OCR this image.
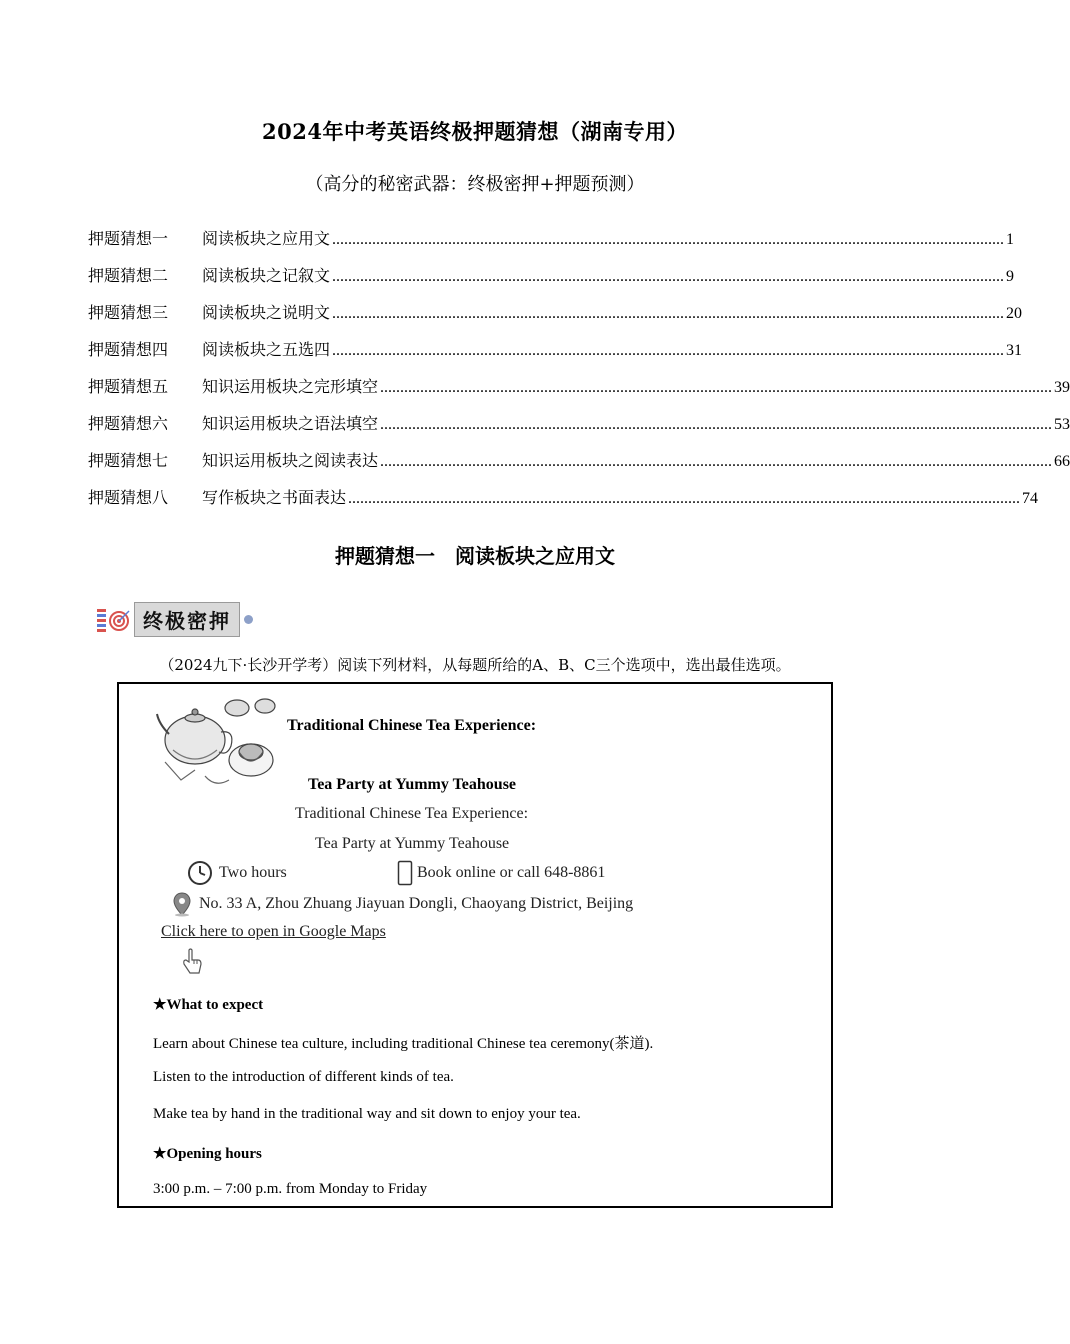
2024年中考英语终极押题猜想（湖南专用）
（高分的秘密武器：终极密押+押题预测）
押题猜想一	阅读板块之应用文 ........................................................................................................................................................................ 1
押题猜想二	阅读板块之记叙文 ........................................................................................................................................................................ 9
押题猜想三	阅读板块之说明文 ........................................................................................................................................................................ 20
押题猜想四	阅读板块之五选四 ........................................................................................................................................................................ 31
押题猜想五	知识运用板块之完形填空 ........................................................................................................................................................................ 39
押题猜想六	知识运用板块之语法填空 ........................................................................................................................................................................ 53
押题猜想七	知识运用板块之阅读表达 ........................................................................................................................................................................ 66
押题猜想八	写作板块之书面表达 ........................................................................................................................................................................ 74
押题猜想一　阅读板块之应用文
终极密押
（2024九下·长沙开学考）阅读下列材料，从每题所给的A、B、C三个选项中，选出最佳选项。
Traditional Chinese Tea Experience:
Tea Party at Yummy Teahouse
Traditional Chinese Tea Experience:
Tea Party at Yummy Teahouse
Two hours	Book online or call 648-8861
No. 33 A, Zhou Zhuang Jiayuan Dongli, Chaoyang District, Beijing
Click here to open in Google Maps
★What to expect
Learn about Chinese tea culture, including traditional Chinese tea ceremony(茶道).
Listen to the introduction of different kinds of tea.
Make tea by hand in the traditional way and sit down to enjoy your tea.
★Opening hours
3:00 p.m. – 7:00 p.m. from Monday to Friday
